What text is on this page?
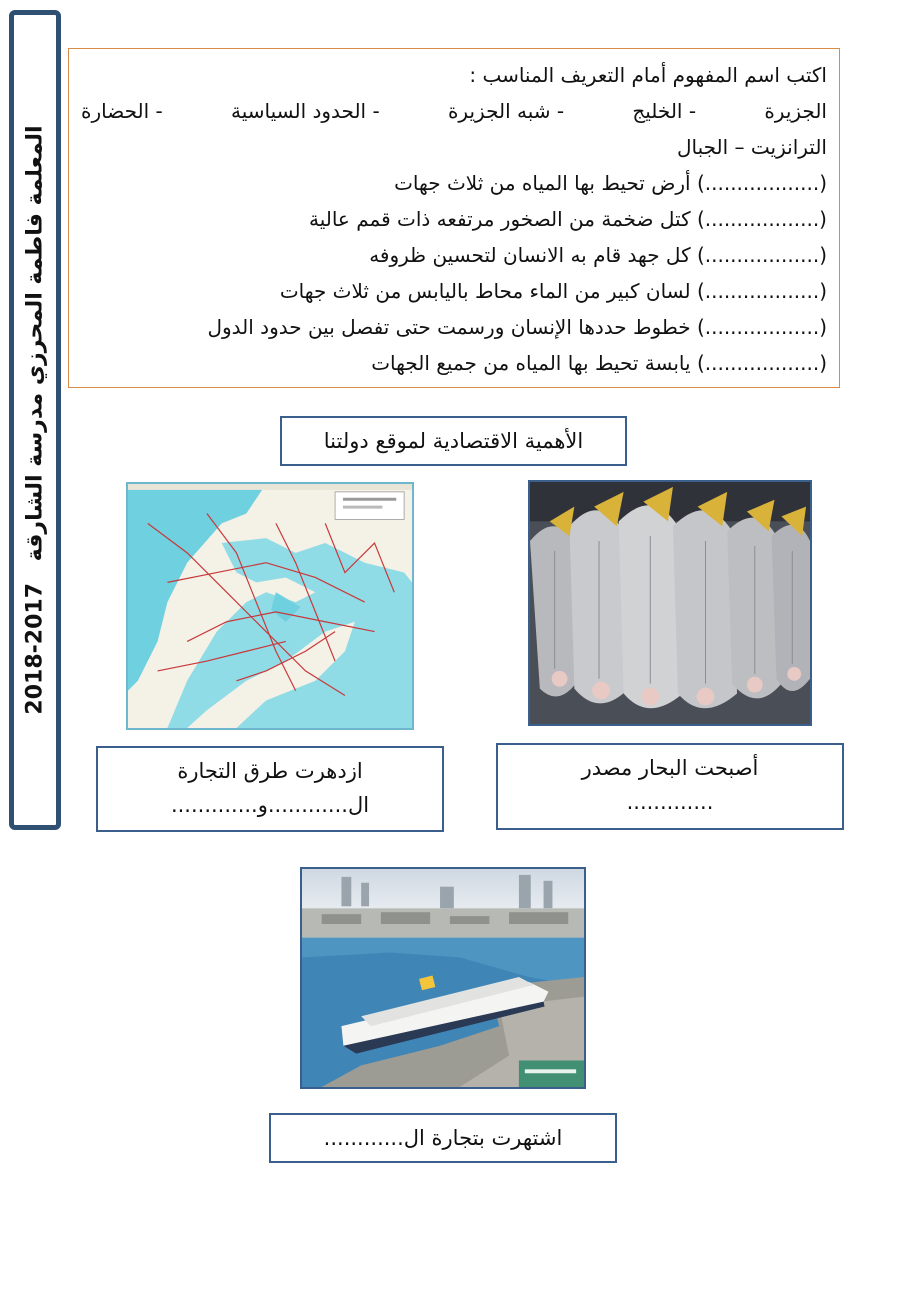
2018-2017 المعلمة فاطمة المحرزي مدرسة الشارقة
اكتب اسم المفهوم أمام التعريف المناسب :
الجزيرة
- الخليج
- شبه الجزيرة
- الحدود السياسية
- الحضارة
الترانزيت – الجبال
(..................) أرض تحيط بها المياه من ثلاث جهات
(..................) كتل ضخمة من الصخور مرتفعه ذات قمم عالية
(..................) كل جهد قام به الانسان لتحسين ظروفه
(..................) لسان كبير من الماء محاط باليابس من ثلاث جهات
(..................) خطوط حددها الإنسان ورسمت حتى تفصل بين حدود الدول
(..................) يابسة تحيط بها المياه من جميع الجهات
الأهمية الاقتصادية لموقع دولتنا
ازدهرت طرق التجارة
ال............و.............
أصبحت البحار مصدر
.............
اشتهرت بتجارة ال............
